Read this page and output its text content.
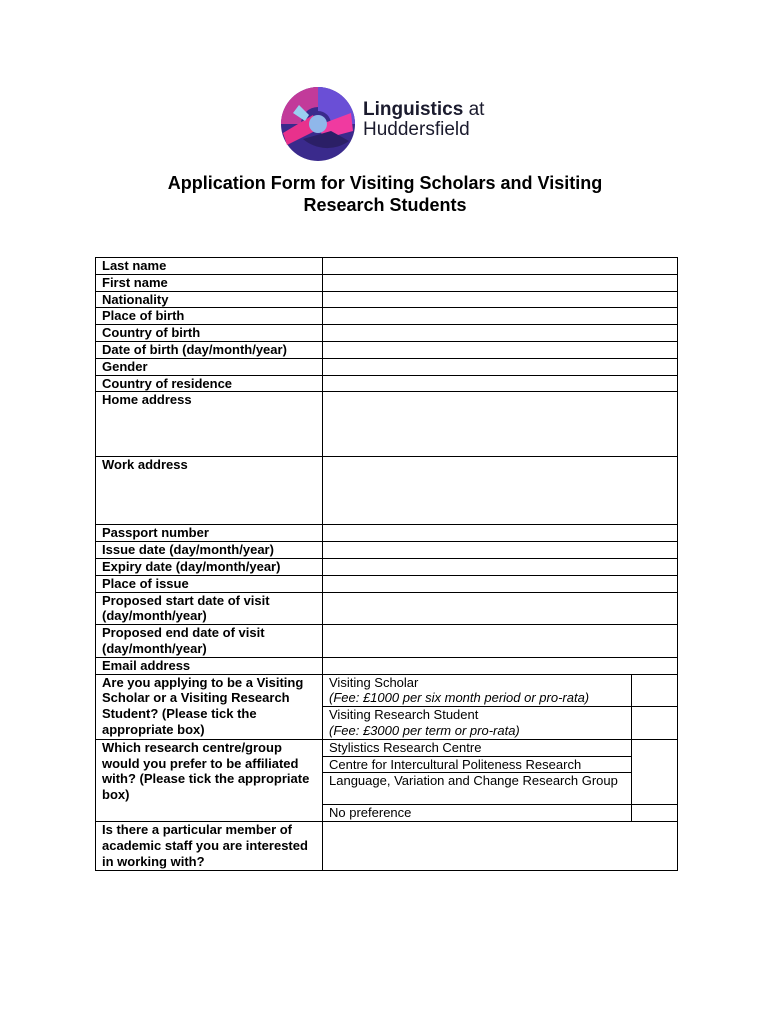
Linguistics at
Huddersfield
Application Form for Visiting Scholars and Visiting
Research Students
Last name		
First name		
Nationality		
Place of birth		
Country of birth		
Date of birth (day/month/year)		
Gender		
Country of residence		
Home address		
Work address		
Passport number		
Issue date (day/month/year)		
Expiry date (day/month/year)		
Place of issue		
Proposed start date of visit (day/month/year)		
Proposed end date of visit (day/month/year)		
Email address		
Are you applying to be a Visiting Scholar or a Visiting Research Student? (Please tick the appropriate box)	Visiting Scholar
(Fee: £1000 per six month period or pro-rata)	

	Visiting Research Student
(Fee: £3000 per term or pro-rata)	

Which research centre/group would you prefer to be affiliated with? (Please tick the appropriate box)	Stylistics Research Centre	
	Centre for Intercultural Politeness Research	
	Language, Variation and Change Research Group	
	No preference	
Is there a particular member of academic staff you are interested in working with?		
